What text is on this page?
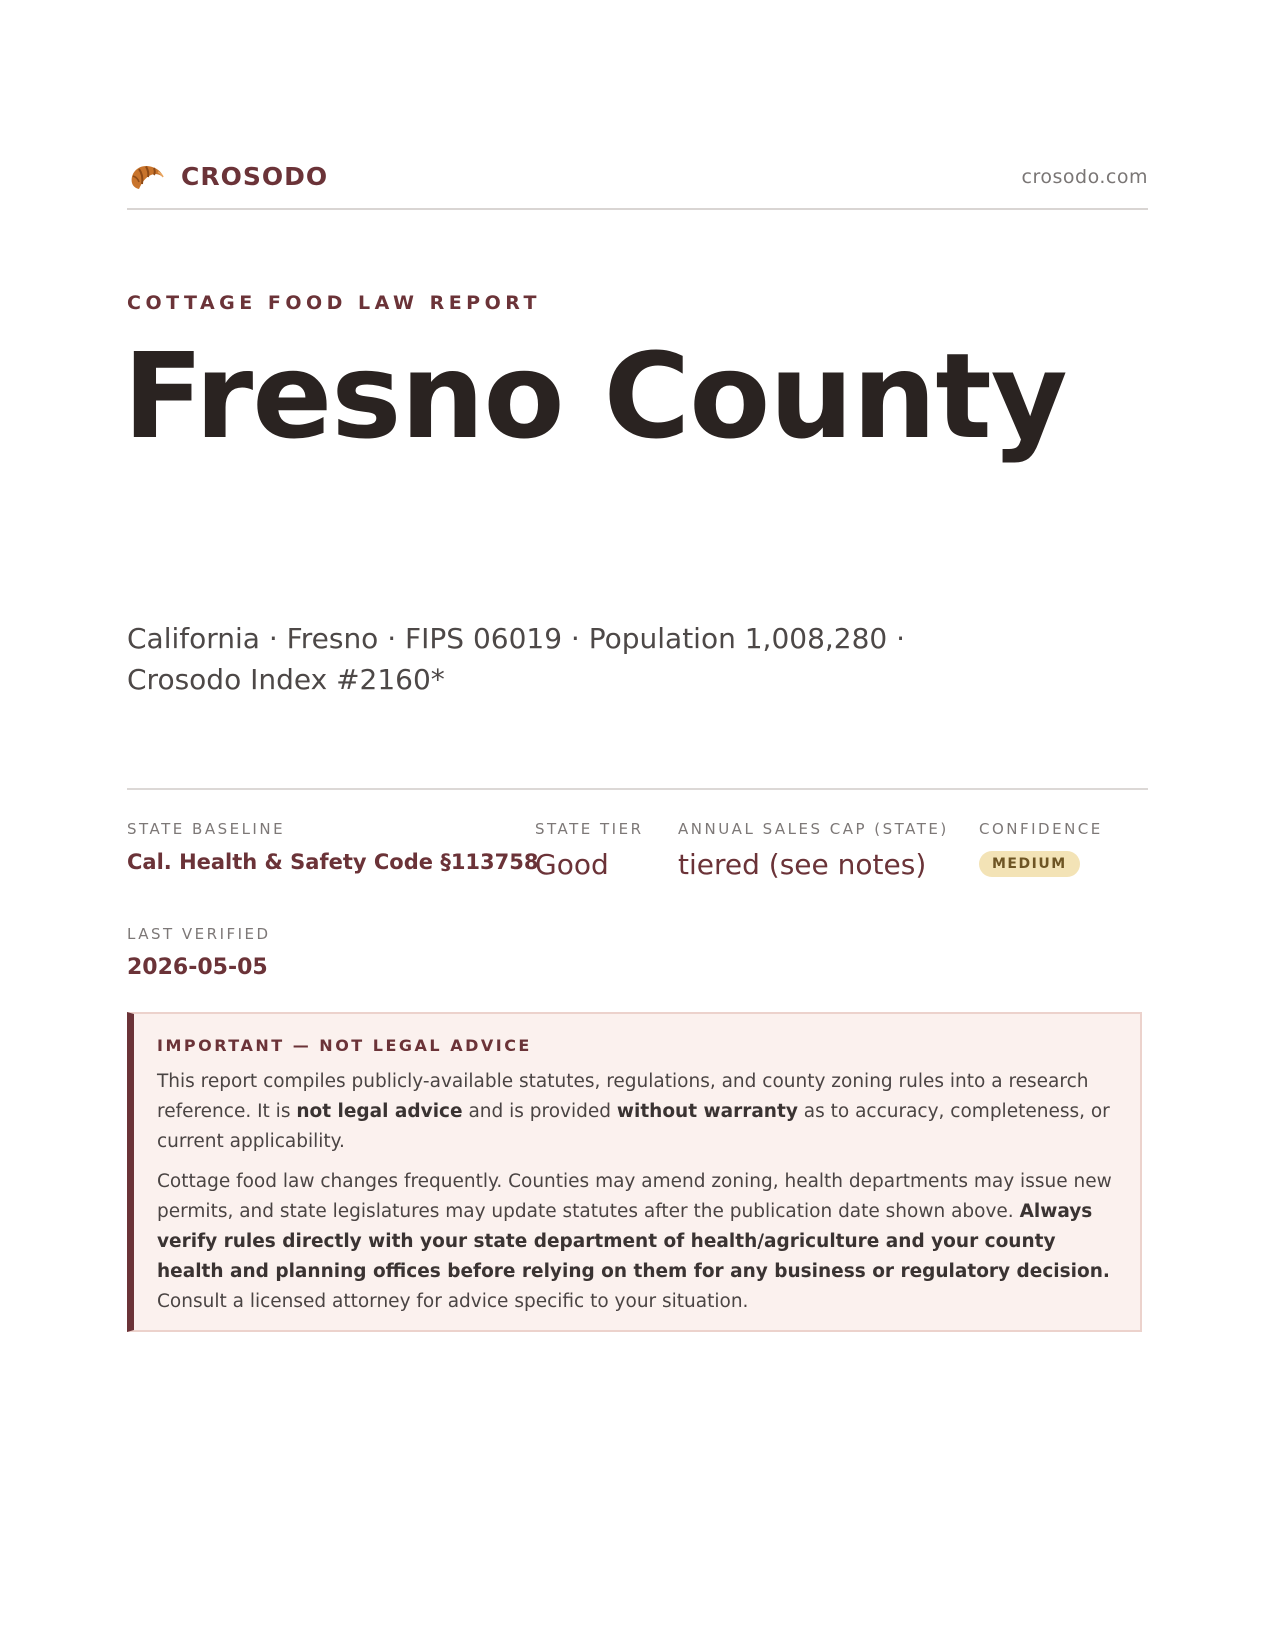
CROSODO	crosodo.com
COTTAGE FOOD LAW REPORT
Fresno County
California · Fresno · FIPS 06019 · Population 1,008,280 ·
Crosodo Index #2160*
STATE BASELINE
Cal. Health & Safety Code §113758
STATE TIER
Good
ANNUAL SALES CAP (STATE)
tiered (see notes)
CONFIDENCE
MEDIUM
LAST VERIFIED
2026-05-05
IMPORTANT — NOT LEGAL ADVICE

This report compiles publicly-available statutes, regulations, and county zoning rules into a research reference. It is not legal advice and is provided without warranty as to accuracy, completeness, or current applicability.

Cottage food law changes frequently. Counties may amend zoning, health departments may issue new permits, and state legislatures may update statutes after the publication date shown above. Always verify rules directly with your state department of health/agriculture and your county health and planning offices before relying on them for any business or regulatory decision. Consult a licensed attorney for advice specific to your situation.
